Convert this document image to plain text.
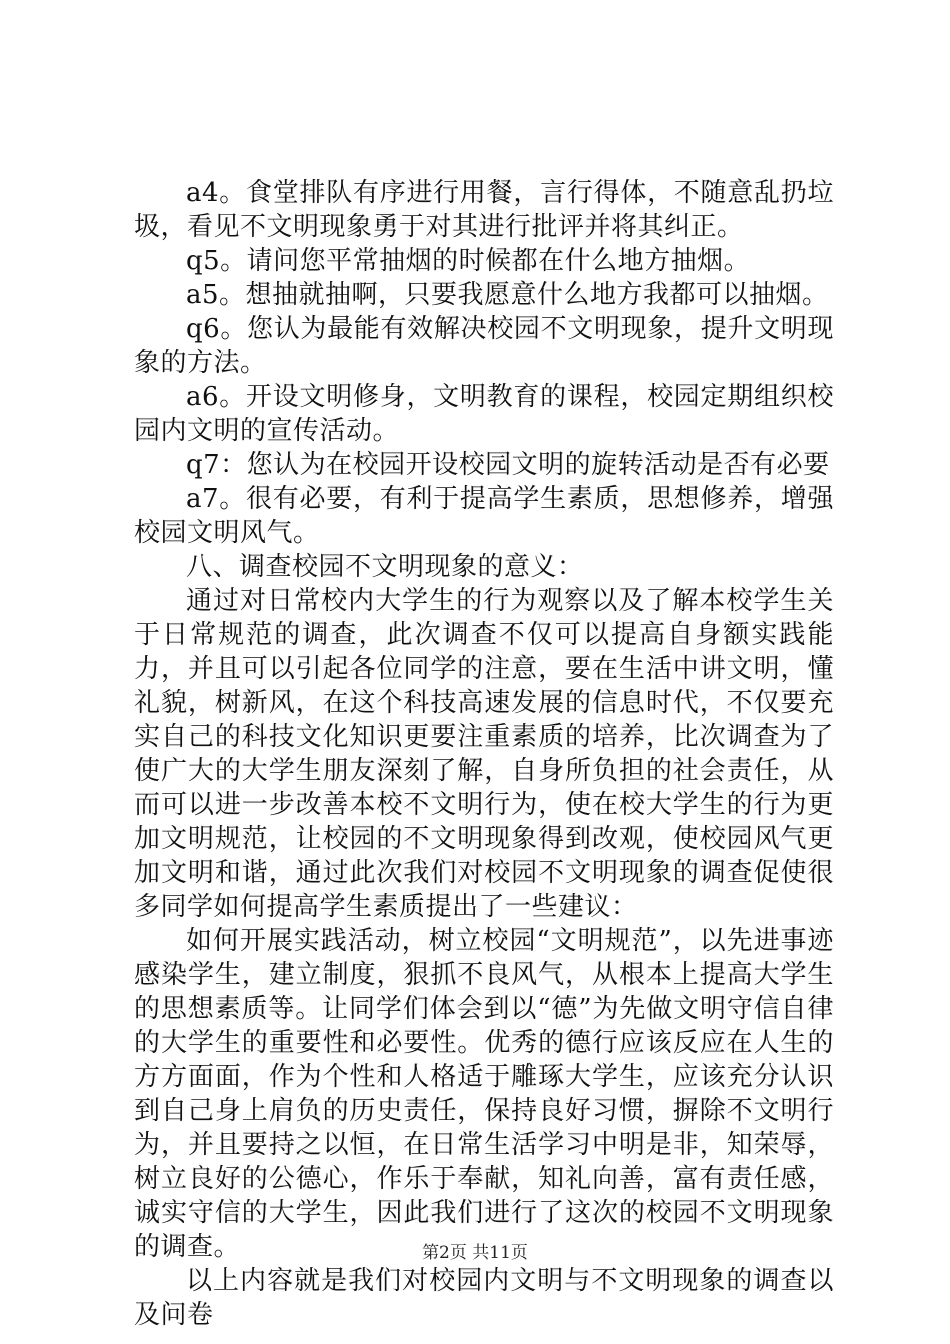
a4。食堂排队有序进行用餐，言行得体，不随意乱扔垃圾，看见不文明现象勇于对其进行批评并将其纠正。

q5。请问您平常抽烟的时候都在什么地方抽烟。

a5。想抽就抽啊，只要我愿意什么地方我都可以抽烟。

q6。您认为最能有效解决校园不文明现象，提升文明现象的方法。

a6。开设文明修身，文明教育的课程，校园定期组织校园内文明的宣传活动。

q7：您认为在校园开设校园文明的旋转活动是否有必要

a7。很有必要，有利于提高学生素质，思想修养，增强校园文明风气。

八、调查校园不文明现象的意义：

通过对日常校内大学生的行为观察以及了解本校学生关于日常规范的调查，此次调查不仅可以提高自身额实践能力，并且可以引起各位同学的注意，要在生活中讲文明，懂礼貌，树新风，在这个科技高速发展的信息时代，不仅要充实自己的科技文化知识更要注重素质的培养，比次调查为了使广大的大学生朋友深刻了解，自身所负担的社会责任，从而可以进一步改善本校不文明行为，使在校大学生的行为更加文明规范，让校园的不文明现象得到改观，使校园风气更加文明和谐，通过此次我们对校园不文明现象的调查促使很多同学如何提高学生素质提出了一些建议：

如何开展实践活动，树立校园“文明规范”，以先进事迹感染学生，建立制度，狠抓不良风气，从根本上提高大学生的思想素质等。让同学们体会到以“德”为先做文明守信自律的大学生的重要性和必要性。优秀的德行应该反应在人生的方方面面，作为个性和人格适于雕琢大学生，应该充分认识到自己身上肩负的历史责任，保持良好习惯，摒除不文明行为，并且要持之以恒，在日常生活学习中明是非，知荣辱，树立良好的公德心，作乐于奉献，知礼向善，富有责任感，诚实守信的大学生，因此我们进行了这次的校园不文明现象的调查。

以上内容就是我们对校园内文明与不文明现象的调查以及问卷

第2页 共11页
